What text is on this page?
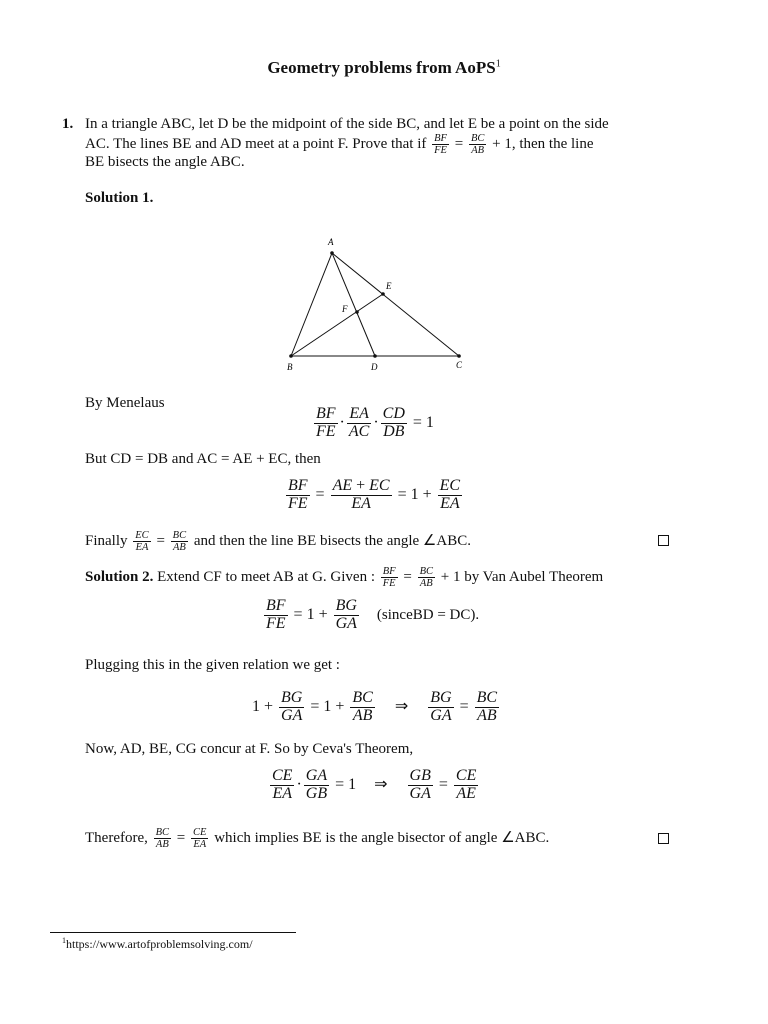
Geometry problems from AoPS$^1$
1. In a triangle ABC, let D be the midpoint of the side BC, and let E be a point on the side
AC. The lines BE and AD meet at a point F. Prove that if $\frac{BF}{FE} = \frac{BC}{AB} + 1$, then the line
BE bisects the angle ABC.
Solution 1.
A
B	C
D
E
F
By Menelaus
$\frac{BF}{FE} \cdot \frac{EA}{AC} \cdot \frac{CD}{DB} = 1$
But CD = DB and AC = AE + EC, then
$\frac{BF}{FE} = \frac{AE + EC}{EA} = 1 + \frac{EC}{EA}$
Finally $\frac{EC}{EA} = \frac{BC}{AB}$ and then the line BE bisects the angle ∠ABC.
Solution 2. Extend CF to meet AB at G. Given : $\frac{BF}{FE} = \frac{BC}{AB} + 1$ by Van Aubel Theorem
$\frac{BF}{FE} = 1 + \frac{BG}{GA}$ (sinceBD = DC).
Plugging this in the given relation we get :
$1 + \frac{BG}{GA} = 1 + \frac{BC}{AB}$ ⇒ $\frac{BG}{GA} = \frac{BC}{AB}$
Now, AD, BE, CG concur at F. So by Ceva's Theorem,
$\frac{CE}{EA} \cdot \frac{GA}{GB} = 1$ ⇒ $\frac{GB}{GA} = \frac{CE}{AE}$
Therefore, $\frac{BC}{AB} = \frac{CE}{EA}$ which implies BE is the angle bisector of angle ∠ABC.
$^1$https://www.artofproblemsolving.com/
